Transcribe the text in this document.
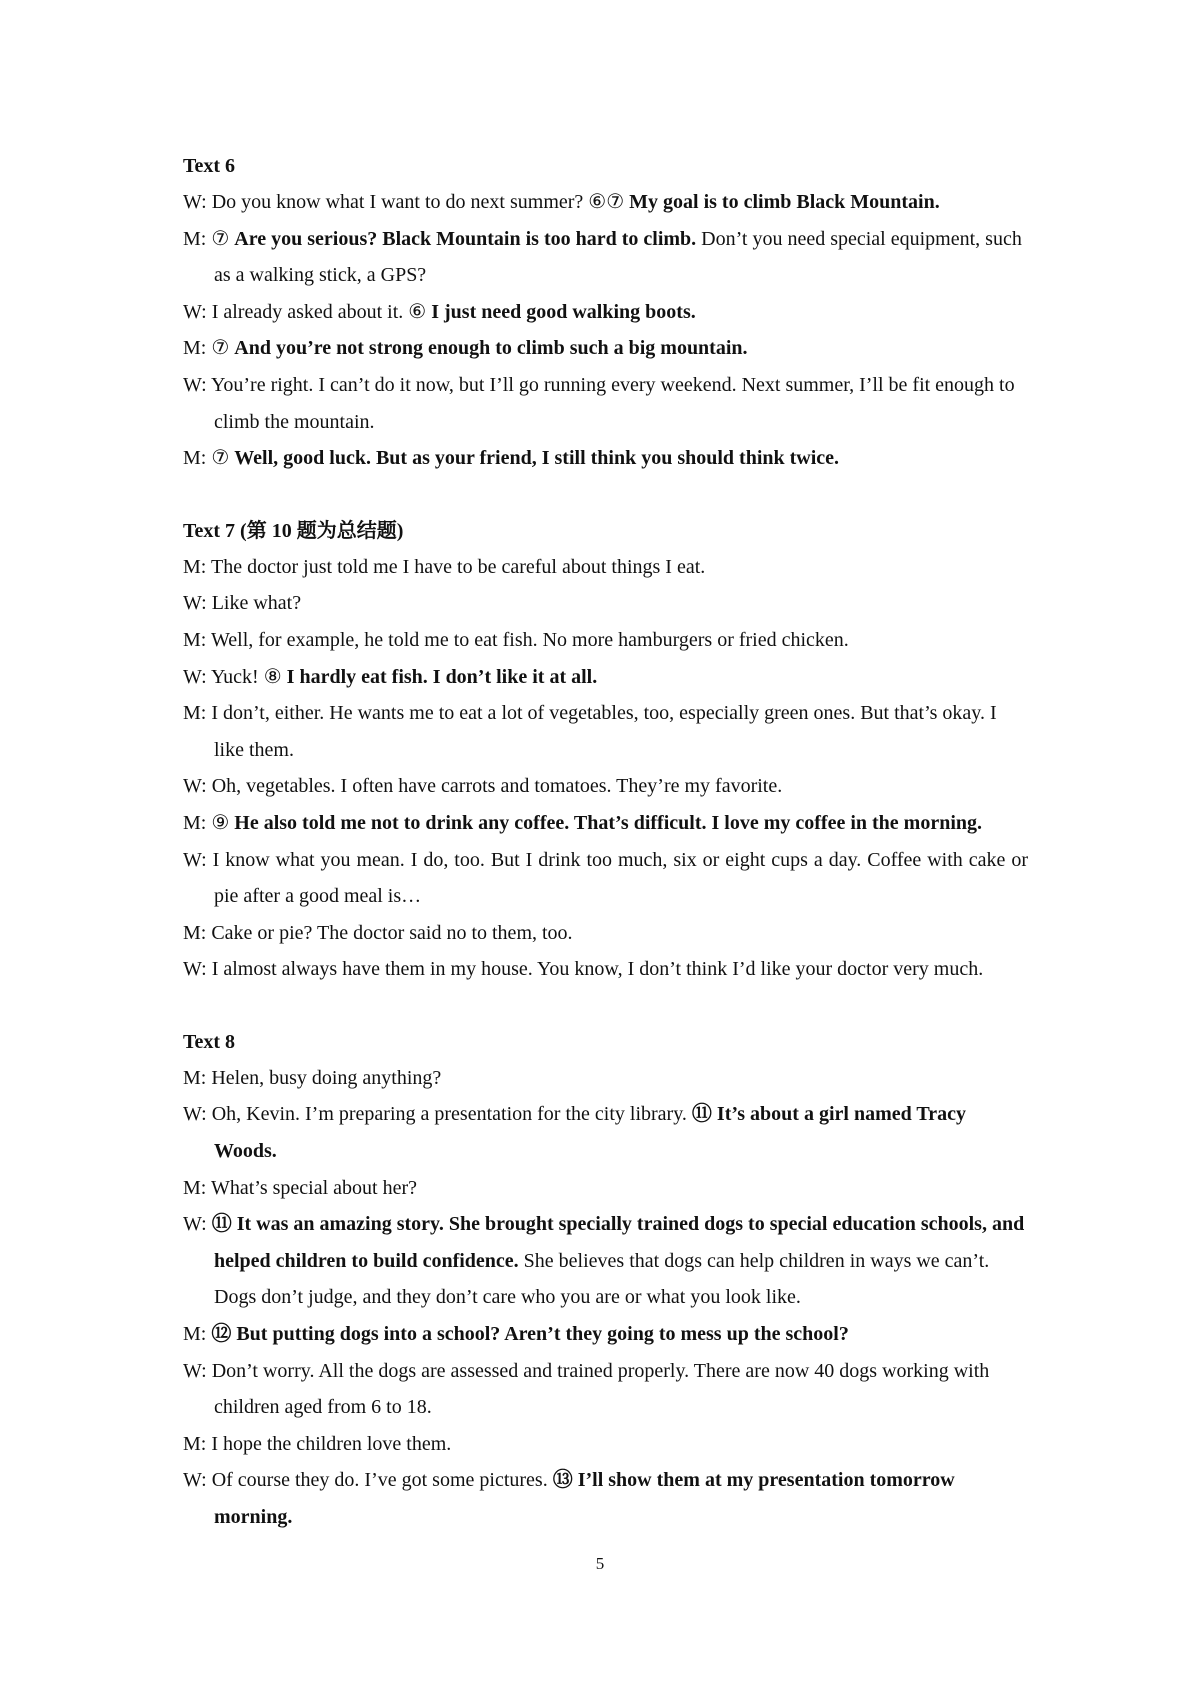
Text 6
W: Do you know what I want to do next summer? ⑥⑦ My goal is to climb Black Mountain.
M: ⑦ Are you serious? Black Mountain is too hard to climb. Don’t you need special equipment, such as a walking stick, a GPS?
W: I already asked about it. ⑥ I just need good walking boots.
M: ⑦ And you’re not strong enough to climb such a big mountain.
W: You’re right. I can’t do it now, but I’ll go running every weekend. Next summer, I’ll be fit enough to climb the mountain.
M: ⑦ Well, good luck. But as your friend, I still think you should think twice.
Text 7 (第 10 题为总结题)
M: The doctor just told me I have to be careful about things I eat.
W: Like what?
M: Well, for example, he told me to eat fish. No more hamburgers or fried chicken.
W: Yuck! ⑧ I hardly eat fish. I don’t like it at all.
M: I don’t, either. He wants me to eat a lot of vegetables, too, especially green ones. But that’s okay. I like them.
W: Oh, vegetables. I often have carrots and tomatoes. They’re my favorite.
M: ⑨ He also told me not to drink any coffee. That’s difficult. I love my coffee in the morning.
W: I know what you mean. I do, too. But I drink too much, six or eight cups a day. Coffee with cake or pie after a good meal is…
M: Cake or pie? The doctor said no to them, too.
W: I almost always have them in my house. You know, I don’t think I’d like your doctor very much.
Text 8
M: Helen, busy doing anything?
W: Oh, Kevin. I’m preparing a presentation for the city library. ⑪ It’s about a girl named Tracy Woods.
M: What’s special about her?
W: ⑪ It was an amazing story. She brought specially trained dogs to special education schools, and helped children to build confidence. She believes that dogs can help children in ways we can’t. Dogs don’t judge, and they don’t care who you are or what you look like.
M: ⑫ But putting dogs into a school? Aren’t they going to mess up the school?
W: Don’t worry. All the dogs are assessed and trained properly. There are now 40 dogs working with children aged from 6 to 18.
M: I hope the children love them.
W: Of course they do. I’ve got some pictures. ⑬ I’ll show them at my presentation tomorrow morning.
5
